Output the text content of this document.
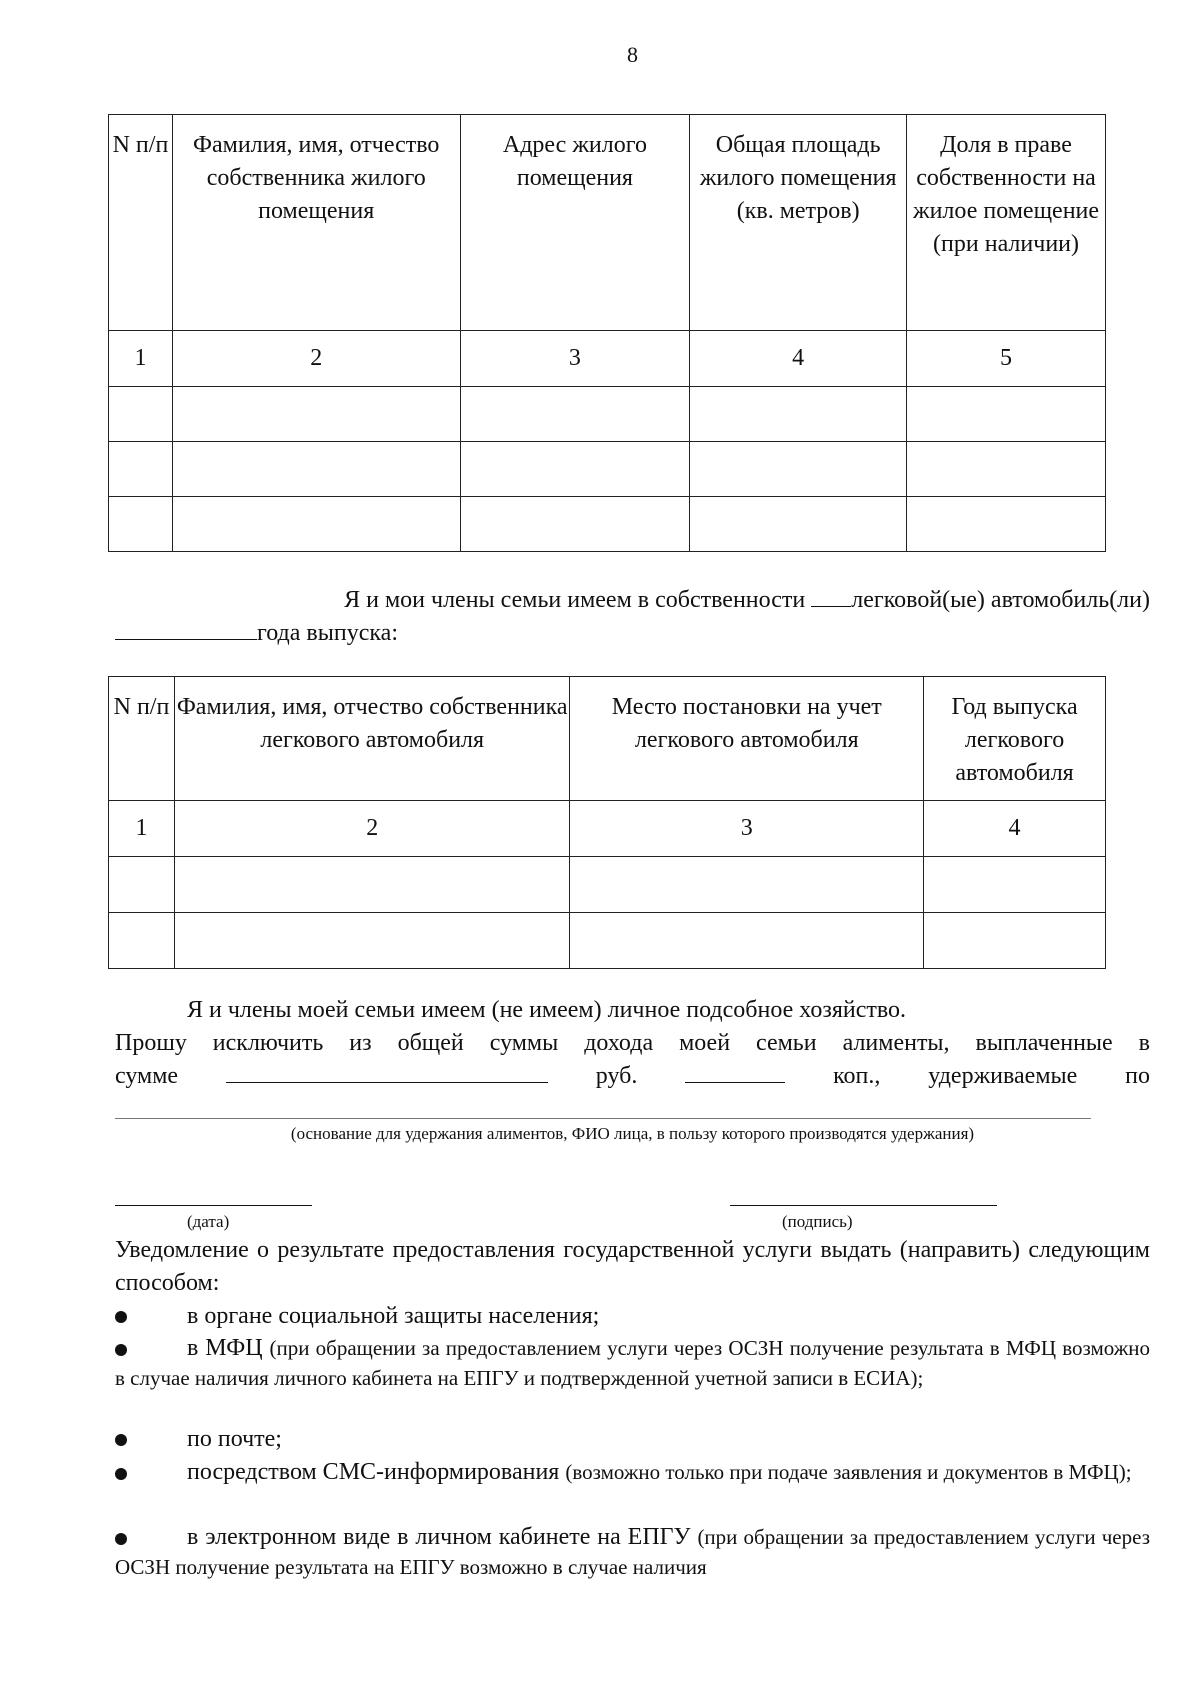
8
N п/п	Фамилия, имя, отчество собственника жилого помещения	Адрес жилого помещения	Общая площадь жилого помещения (кв. метров)	Доля в праве собственности на жилое помещение (при наличии)
1	2	3	4	5

Я и мои члены семьи имеем в собственности легковой(ые) автомобиль(ли)
года выпуска:
N п/п	Фамилия, имя, отчество собственника легкового автомобиля	Место постановки на учет легкового автомобиля	Год выпуска легкового автомобиля
1	2	3	4

Я и члены моей семьи имеем (не имеем) личное подсобное хозяйство.
Прошу исключить из общей суммы дохода моей семьи алименты, выплаченные в
сумме	руб.	коп., удерживаемые по
(основание для удержания алиментов, ФИО лица, в пользу которого производятся удержания)
(дата)	(подпись)
Уведомление о результате предоставления государственной услуги выдать (направить) следующим способом:
в органе социальной защиты населения;
в МФЦ (при обращении за предоставлением услуги через ОСЗН получение результата в МФЦ возможно в случае наличия личного кабинета на ЕПГУ и подтвержденной учетной записи в ЕСИА);
по почте;
посредством СМС-информирования (возможно только при подаче заявления и документов в МФЦ);
в электронном виде в личном кабинете на ЕПГУ (при обращении за предоставлением услуги через ОСЗН получение результата на ЕПГУ возможно в случае наличия
